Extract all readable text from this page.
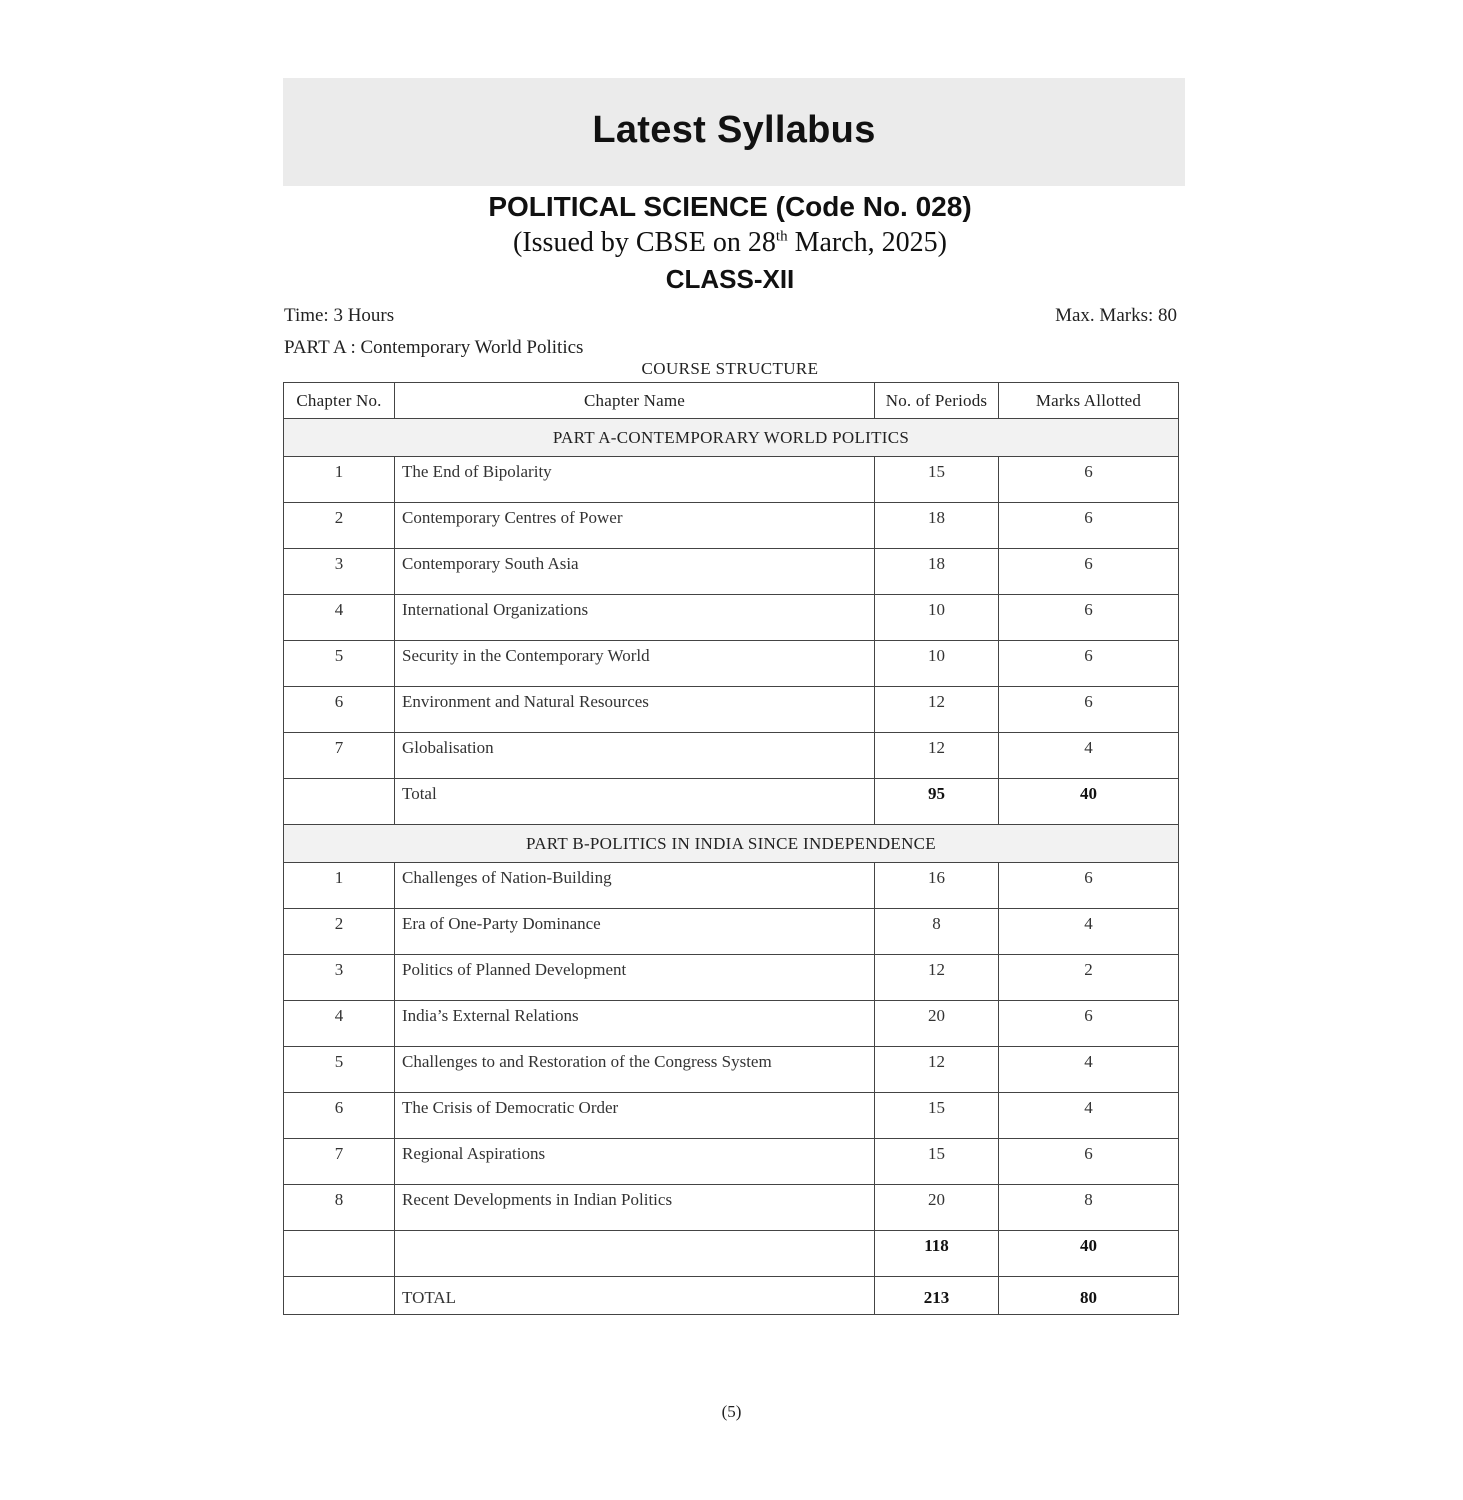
Latest Syllabus
POLITICAL SCIENCE (Code No. 028)
(Issued by CBSE on 28th March, 2025)
CLASS-XII
Time: 3 Hours	Max. Marks: 80
PART A : Contemporary World Politics
COURSE STRUCTURE
Chapter No.	Chapter Name	No. of Periods	Marks Allotted
PART A-CONTEMPORARY WORLD POLITICS			
1	The End of Bipolarity	15	6
2	Contemporary Centres of Power	18	6
3	Contemporary South Asia	18	6
4	International Organizations	10	6
5	Security in the Contemporary World	10	6
6	Environment and Natural Resources	12	6
7	Globalisation	12	4
	Total	95	40
PART B-POLITICS IN INDIA SINCE INDEPENDENCE			
1	Challenges of Nation-Building	16	6
2	Era of One-Party Dominance	8	4
3	Politics of Planned Development	12	2
4	India’s External Relations	20	6
5	Challenges to and Restoration of the Congress System	12	4
6	The Crisis of Democratic Order	15	4
7	Regional Aspirations	15	6
8	Recent Developments in Indian Politics	20	8
		118	40
	TOTAL	213	80
(5)
